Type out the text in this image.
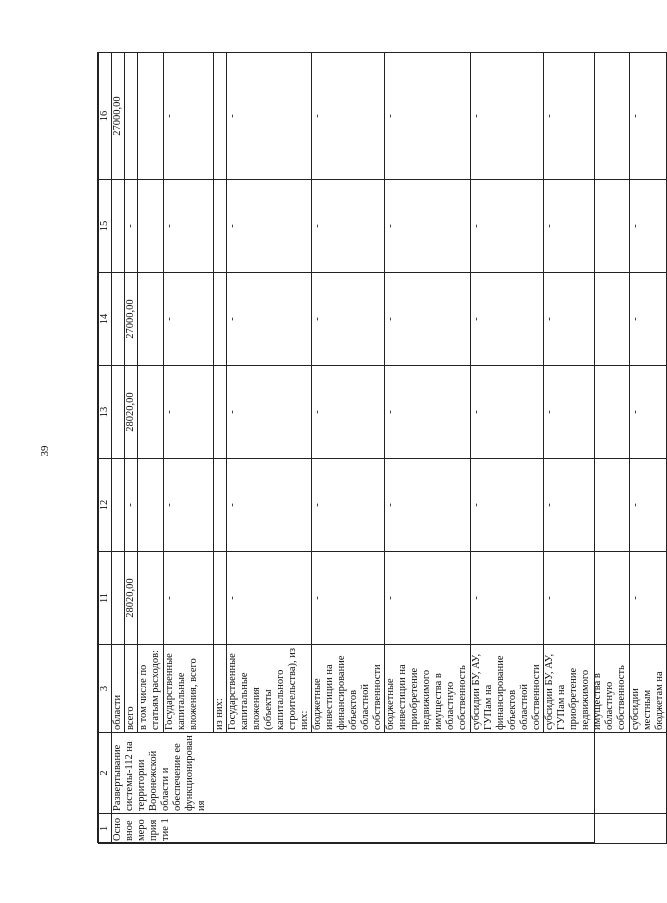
39
1	2	3	11	12	13	14	15	16
Основное мероприятие 1	Развертывание системы-112 на территории Воронежской области и обеспечение ее функционирования	области						27000,00
		всего	28020,00	-	28020,00	27000,00	-	
		в том числе по статьям расходов:						
		Государственные капитальные вложения, всего	-	-	-	-	-	-
		из них:						
		Государственные капитальные вложения (объекты капитального строительства), из них:	-	-	-	-	-	-
		бюджетные инвестиции на финансирование объектов областной собственности	-	-	-	-	-	-
		бюджетные инвестиции на приобретение недвижимого имущества в областную собственность	-	-	-	-	-	-
		субсидии БУ, АУ, ГУПам на финансирование объектов областной собственности	-	-	-	-	-	-
		субсидии БУ, АУ, ГУПам на приобретение недвижимого имущества в областную собственность	-	-	-	-	-	-
		субсидии местным бюджетам на	-	-	-	-	-	-
